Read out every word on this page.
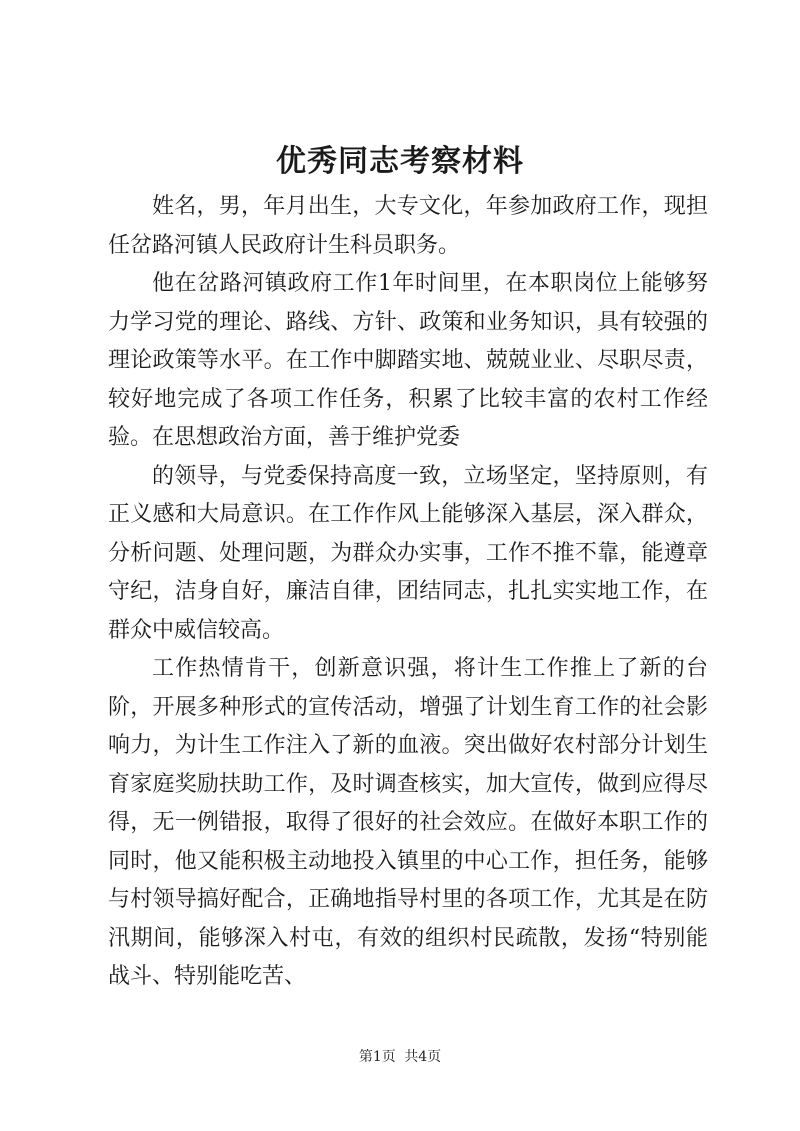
优秀同志考察材料

姓名，男，年月出生，大专文化，年参加政府工作，现担任岔路河镇人民政府计生科员职务。

他在岔路河镇政府工作1年时间里，在本职岗位上能够努力学习党的理论、路线、方针、政策和业务知识，具有较强的理论政策等水平。在工作中脚踏实地、兢兢业业、尽职尽责，较好地完成了各项工作任务，积累了比较丰富的农村工作经验。在思想政治方面，善于维护党委

的领导，与党委保持高度一致，立场坚定，坚持原则，有正义感和大局意识。在工作作风上能够深入基层，深入群众，分析问题、处理问题，为群众办实事，工作不推不靠，能遵章守纪，洁身自好，廉洁自律，团结同志，扎扎实实地工作，在群众中威信较高。

工作热情肯干，创新意识强，将计生工作推上了新的台阶，开展多种形式的宣传活动，增强了计划生育工作的社会影响力，为计生工作注入了新的血液。突出做好农村部分计划生育家庭奖励扶助工作，及时调查核实，加大宣传，做到应得尽得，无一例错报，取得了很好的社会效应。在做好本职工作的同时，他又能积极主动地投入镇里的中心工作，担任务，能够与村领导搞好配合，正确地指导村里的各项工作，尤其是在防汛期间，能够深入村屯，有效的组织村民疏散，发扬“特别能战斗、特别能吃苦、

第1页 共4页
